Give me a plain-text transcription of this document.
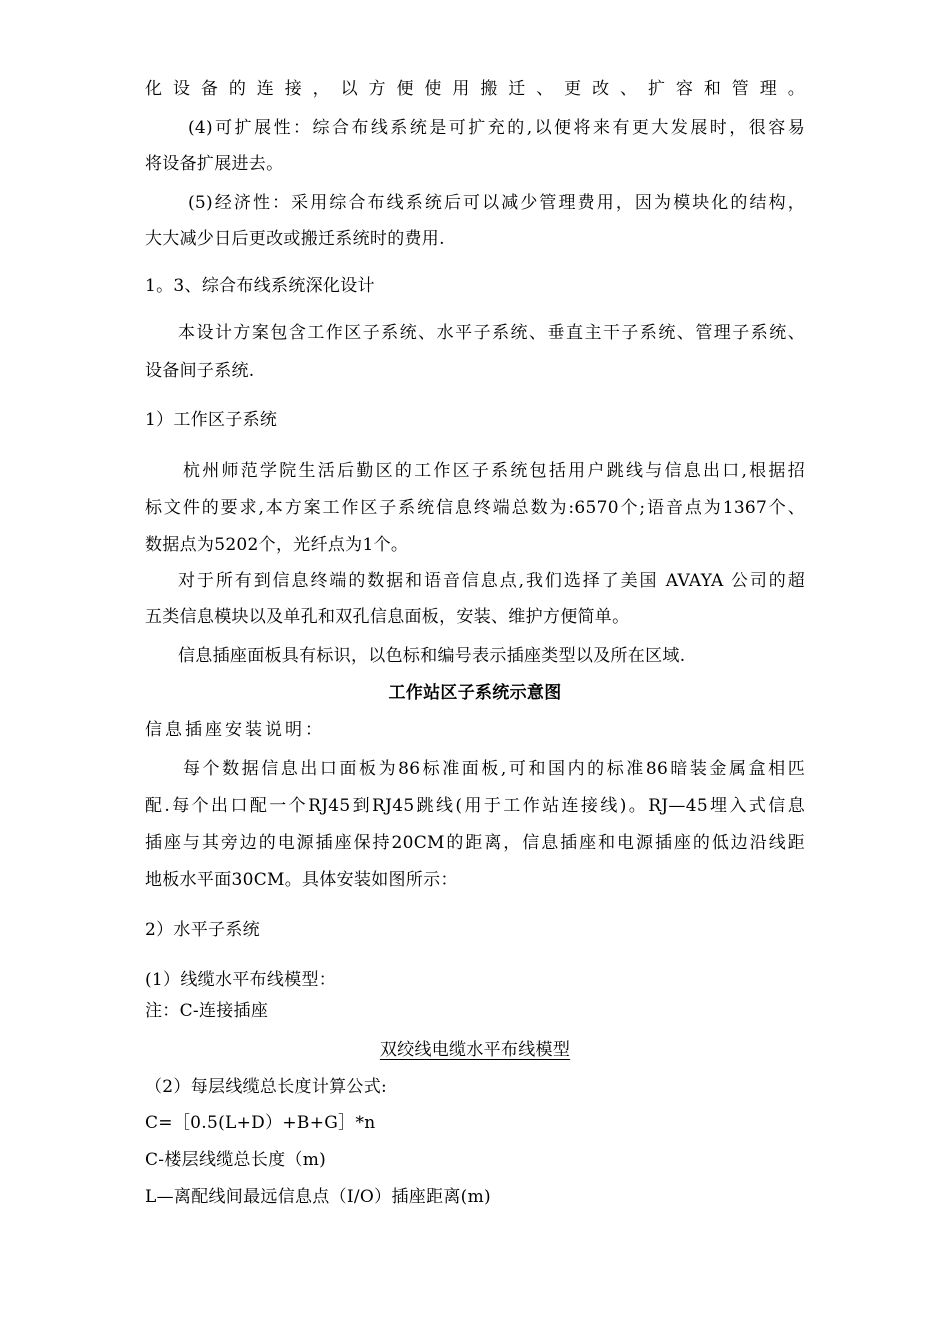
化设备的连接，以方便使用搬迁、更改、扩容和管理。
(4)可扩展性：综合布线系统是可扩充的,以便将来有更大发展时，很容易
将设备扩展进去。
(5)经济性：采用综合布线系统后可以减少管理费用，因为模块化的结构，
大大减少日后更改或搬迁系统时的费用.
1。3、综合布线系统深化设计
本设计方案包含工作区子系统、水平子系统、垂直主干子系统、管理子系统、
设备间子系统.
1）工作区子系统
杭州师范学院生活后勤区的工作区子系统包括用户跳线与信息出口,根据招
标文件的要求,本方案工作区子系统信息终端总数为:6570个;语音点为1367个、
数据点为5202个，光纤点为1个。
对于所有到信息终端的数据和语音信息点,我们选择了美国 AVAYA 公司的超
五类信息模块以及单孔和双孔信息面板，安装、维护方便简单。
信息插座面板具有标识，以色标和编号表示插座类型以及所在区域.
工作站区子系统示意图
信息插座安装说明：
每个数据信息出口面板为86标准面板,可和国内的标准86暗装金属盒相匹
配.每个出口配一个RJ45到RJ45跳线(用于工作站连接线)。RJ—45埋入式信息
插座与其旁边的电源插座保持20CM的距离，信息插座和电源插座的低边沿线距
地板水平面30CM。具体安装如图所示：
2）水平子系统
(1）线缆水平布线模型：
注：C-连接插座
双绞线电缆水平布线模型
（2）每层线缆总长度计算公式:
C=［0.5(L+D）+B+G］*n
C-楼层线缆总长度（m)
L—离配线间最远信息点（I/O）插座距离(m)
